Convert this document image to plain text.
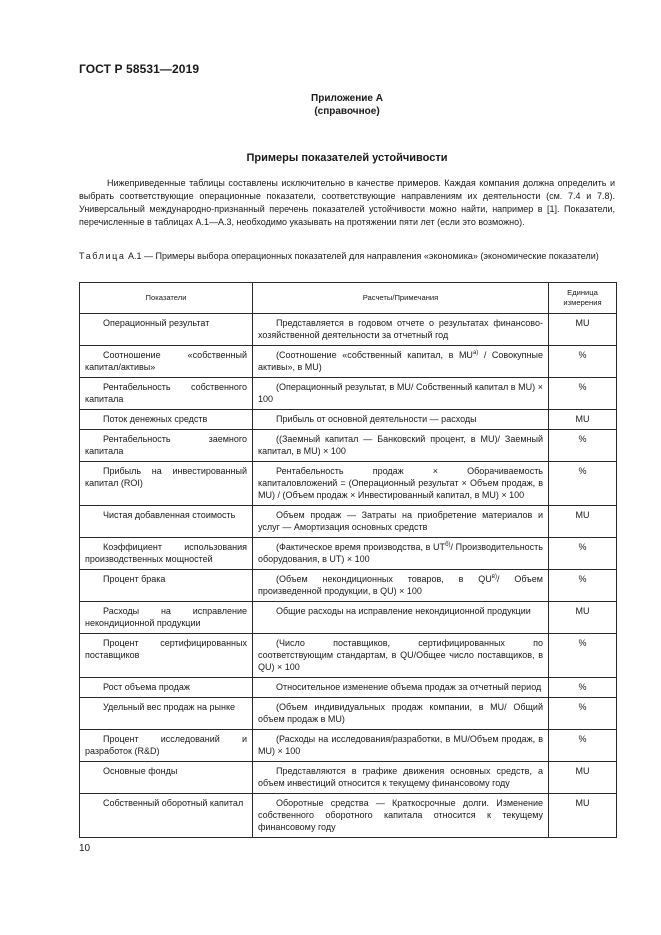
ГОСТ Р 58531—2019
Приложение А
(справочное)
Примеры показателей устойчивости

Нижеприведенные таблицы составлены исключительно в качестве примеров. Каждая компания должна определить и выбрать соответствующие операционные показатели, соответствующие направлениям их деятельности (см. 7.4 и 7.8). Универсальный международно-признанный перечень показателей устойчивости можно найти, например в [1]. Показатели, перечисленные в таблицах А.1—А.3, необходимо указывать на протяжении пяти лет (если это возможно).

Таблица А.1 — Примеры выбора операционных показателей для направления «экономика» (экономические показатели)
Показатели	Расчеты/Примечания	Единица измерения
Операционный результат	Представляется в годовом отчете о результатах финансово-хозяйственной деятельности за отчетный год	MU
Соотношение «собственный капитал/активы»	(Соотношение «собственный капитал, в MU$^{a)}$ / Совокупные активы», в MU)	%
Рентабельность собственного капитала	(Операционный результат, в MU/ Собственный капитал в MU) × 100	%
Поток денежных средств	Прибыль от основной деятельности — расходы	MU
Рентабельность заемного капитала	((Заемный капитал — Банковский процент, в MU)/ Заемный капитал, в MU) × 100	%
Прибыль на инвестированный капитал (ROI)	Рентабельность продаж × Оборачиваемость капиталовложений = (Операционный результат × Объем продаж, в MU) / (Объем продаж × Инвестированный капитал, в MU) × 100	%
Чистая добавленная стоимость	Объем продаж — Затраты на приобретение материалов и услуг — Амортизация основных средств	MU
Коэффициент использования производственных мощностей	(Фактическое время производства, в $UT^{б)}/$ Производительность оборудования, в UT) × 100	%
Процент брака	(Объем некондиционных товаров, в $QU^{в)}/$ Объем произведенной продукции, в QU) × 100	%
Расходы на исправление некондиционной продукции	Общие расходы на исправление некондиционной продукции	MU
Процент сертифицированных поставщиков	(Число поставщиков, сертифицированных по соответствующим стандартам, в QU/Общее число поставщиков, в QU) × 100	%
Рост объема продаж	Относительное изменение объема продаж за отчетный период	%
Удельный вес продаж на рынке	(Объем индивидуальных продаж компании, в MU/ Общий объем продаж в MU)	%
Процент исследований и разработок (R&D)	(Расходы на исследования/разработки, в MU/Объем продаж, в MU) × 100	%
Основные фонды	Представляются в графике движения основных средств, а объем инвестиций относится к текущему финансовому году	MU
Собственный оборотный капитал	Оборотные средства — Краткосрочные долги. Изменение собственного оборотного капитала относится к текущему финансовому году	MU
10
